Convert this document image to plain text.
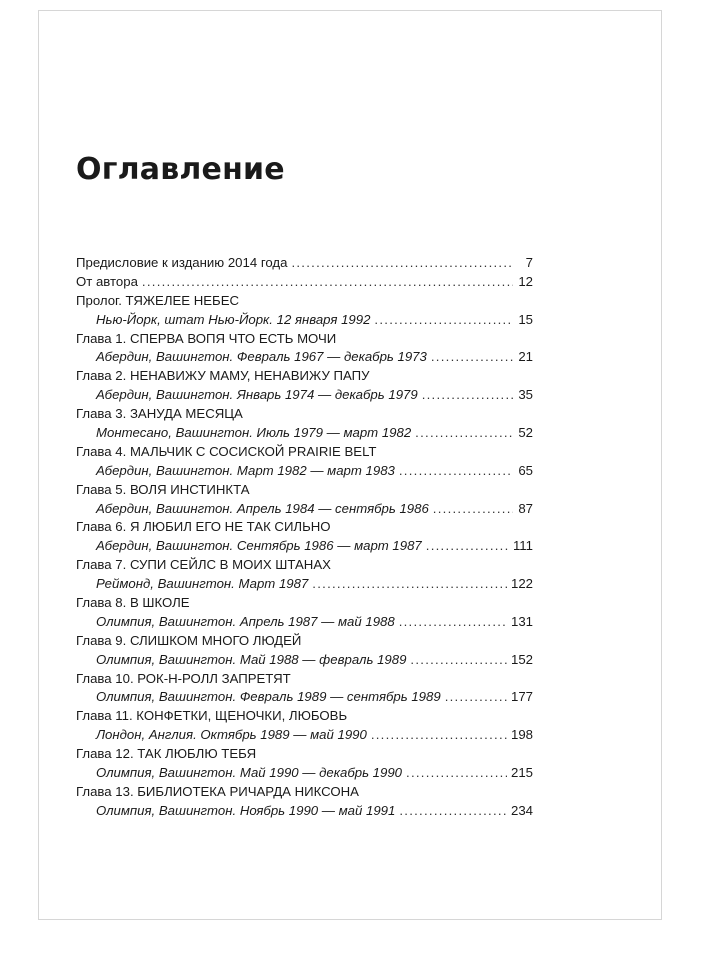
Оглавление
Предисловие к изданию 2014 года . . .	7
От автора . . .	12
Пролог. ТЯЖЕЛЕЕ НЕБЕС
Нью-Йорк, штат Нью-Йорк. 12 января 1992 . . .	15
Глава 1. СПЕРВА ВОПЯ ЧТО ЕСТЬ МОЧИ
Абердин, Вашингтон. Февраль 1967 — декабрь 1973 . . .	21
Глава 2. НЕНАВИЖУ МАМУ, НЕНАВИЖУ ПАПУ
Абердин, Вашингтон. Январь 1974 — декабрь 1979 . . .	35
Глава 3. ЗАНУДА МЕСЯЦА
Монтесано, Вашингтон. Июль 1979 — март 1982 . . .	52
Глава 4. МАЛЬЧИК С СОСИСКОЙ PRAIRIE BELT
Абердин, Вашингтон. Март 1982 — март 1983 . . .	65
Глава 5. ВОЛЯ ИНСТИНКТА
Абердин, Вашингтон. Апрель 1984 — сентябрь 1986 . . .	87
Глава 6. Я ЛЮБИЛ ЕГО НЕ ТАК СИЛЬНО
Абердин, Вашингтон. Сентябрь 1986 — март 1987 . . .	111
Глава 7. СУПИ СЕЙЛС В МОИХ ШТАНАХ
Реймонд, Вашингтон. Март 1987 . . .	122
Глава 8. В ШКОЛЕ
Олимпия, Вашингтон. Апрель 1987 — май 1988 . . .	131
Глава 9. СЛИШКОМ МНОГО ЛЮДЕЙ
Олимпия, Вашингтон. Май 1988 — февраль 1989 . . .	152
Глава 10. РОК-Н-РОЛЛ ЗАПРЕТЯТ
Олимпия, Вашингтон. Февраль 1989 — сентябрь 1989 . . .	177
Глава 11. КОНФЕТКИ, ЩЕНОЧКИ, ЛЮБОВЬ
Лондон, Англия. Октябрь 1989 — май 1990 . . .	198
Глава 12. ТАК ЛЮБЛЮ ТЕБЯ
Олимпия, Вашингтон. Май 1990 — декабрь 1990 . . .	215
Глава 13. БИБЛИОТЕКА РИЧАРДА НИКСОНА
Олимпия, Вашингтон. Ноябрь 1990 — май 1991 . . .	234
